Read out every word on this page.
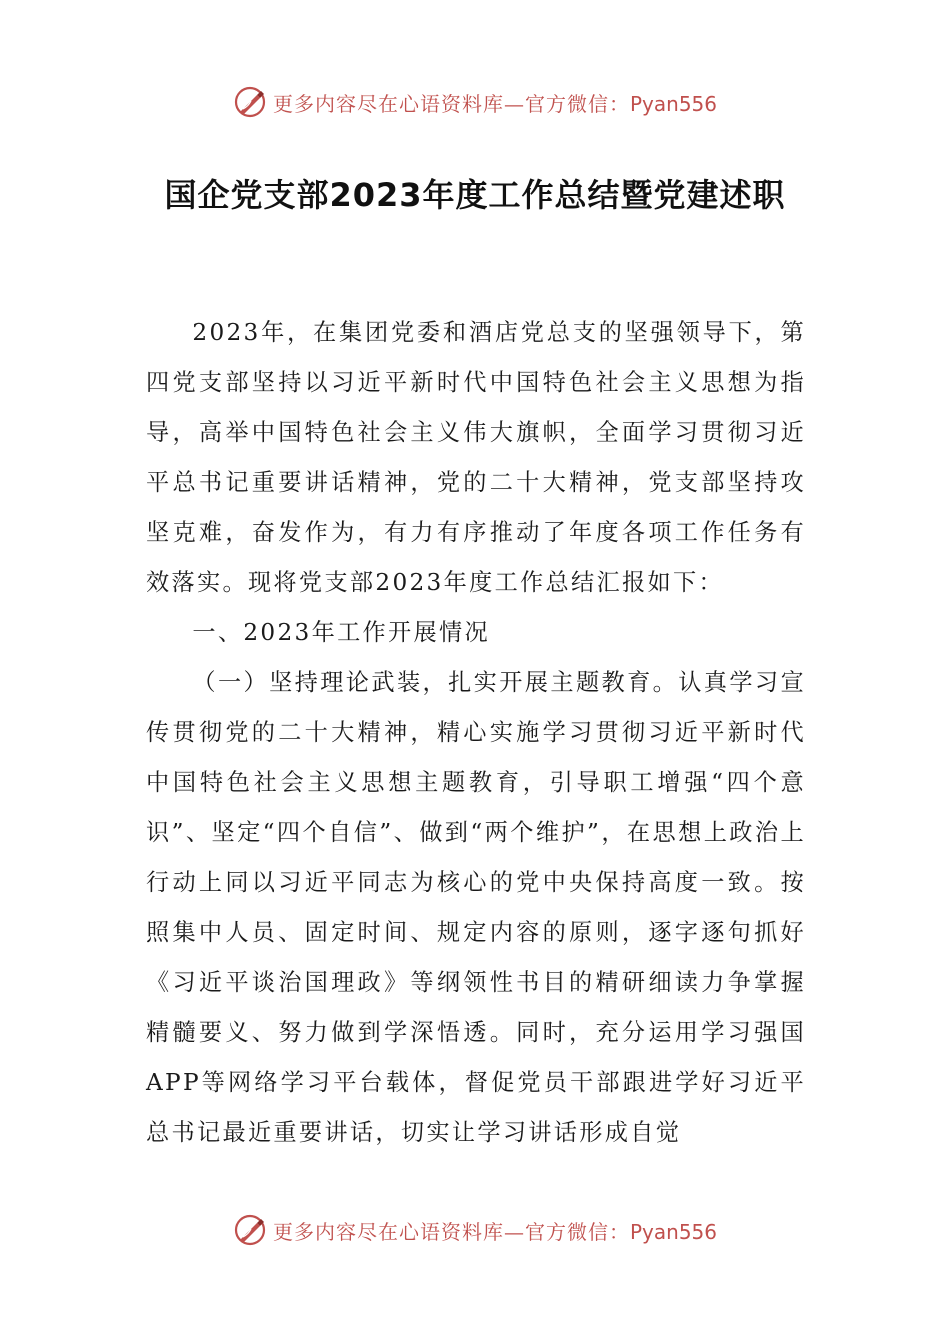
更多内容尽在心语资料库—官方微信：Pyan556
国企党支部2023年度工作总结暨党建述职

2023年，在集团党委和酒店党总支的坚强领导下，第四党支部坚持以习近平新时代中国特色社会主义思想为指导，高举中国特色社会主义伟大旗帜，全面学习贯彻习近平总书记重要讲话精神，党的二十大精神，党支部坚持攻坚克难，奋发作为，有力有序推动了年度各项工作任务有效落实。现将党支部2023年度工作总结汇报如下：

一、2023年工作开展情况

（一）坚持理论武装，扎实开展主题教育。认真学习宣传贯彻党的二十大精神，精心实施学习贯彻习近平新时代中国特色社会主义思想主题教育，引导职工增强“四个意识”、坚定“四个自信”、做到“两个维护”，在思想上政治上行动上同以习近平同志为核心的党中央保持高度一致。按照集中人员、固定时间、规定内容的原则，逐字逐句抓好《习近平谈治国理政》等纲领性书目的精研细读力争掌握精髓要义、努力做到学深悟透。同时，充分运用学习强国APP等网络学习平台载体，督促党员干部跟进学好习近平总书记最近重要讲话，切实让学习讲话形成自觉

更多内容尽在心语资料库—官方微信：Pyan556
